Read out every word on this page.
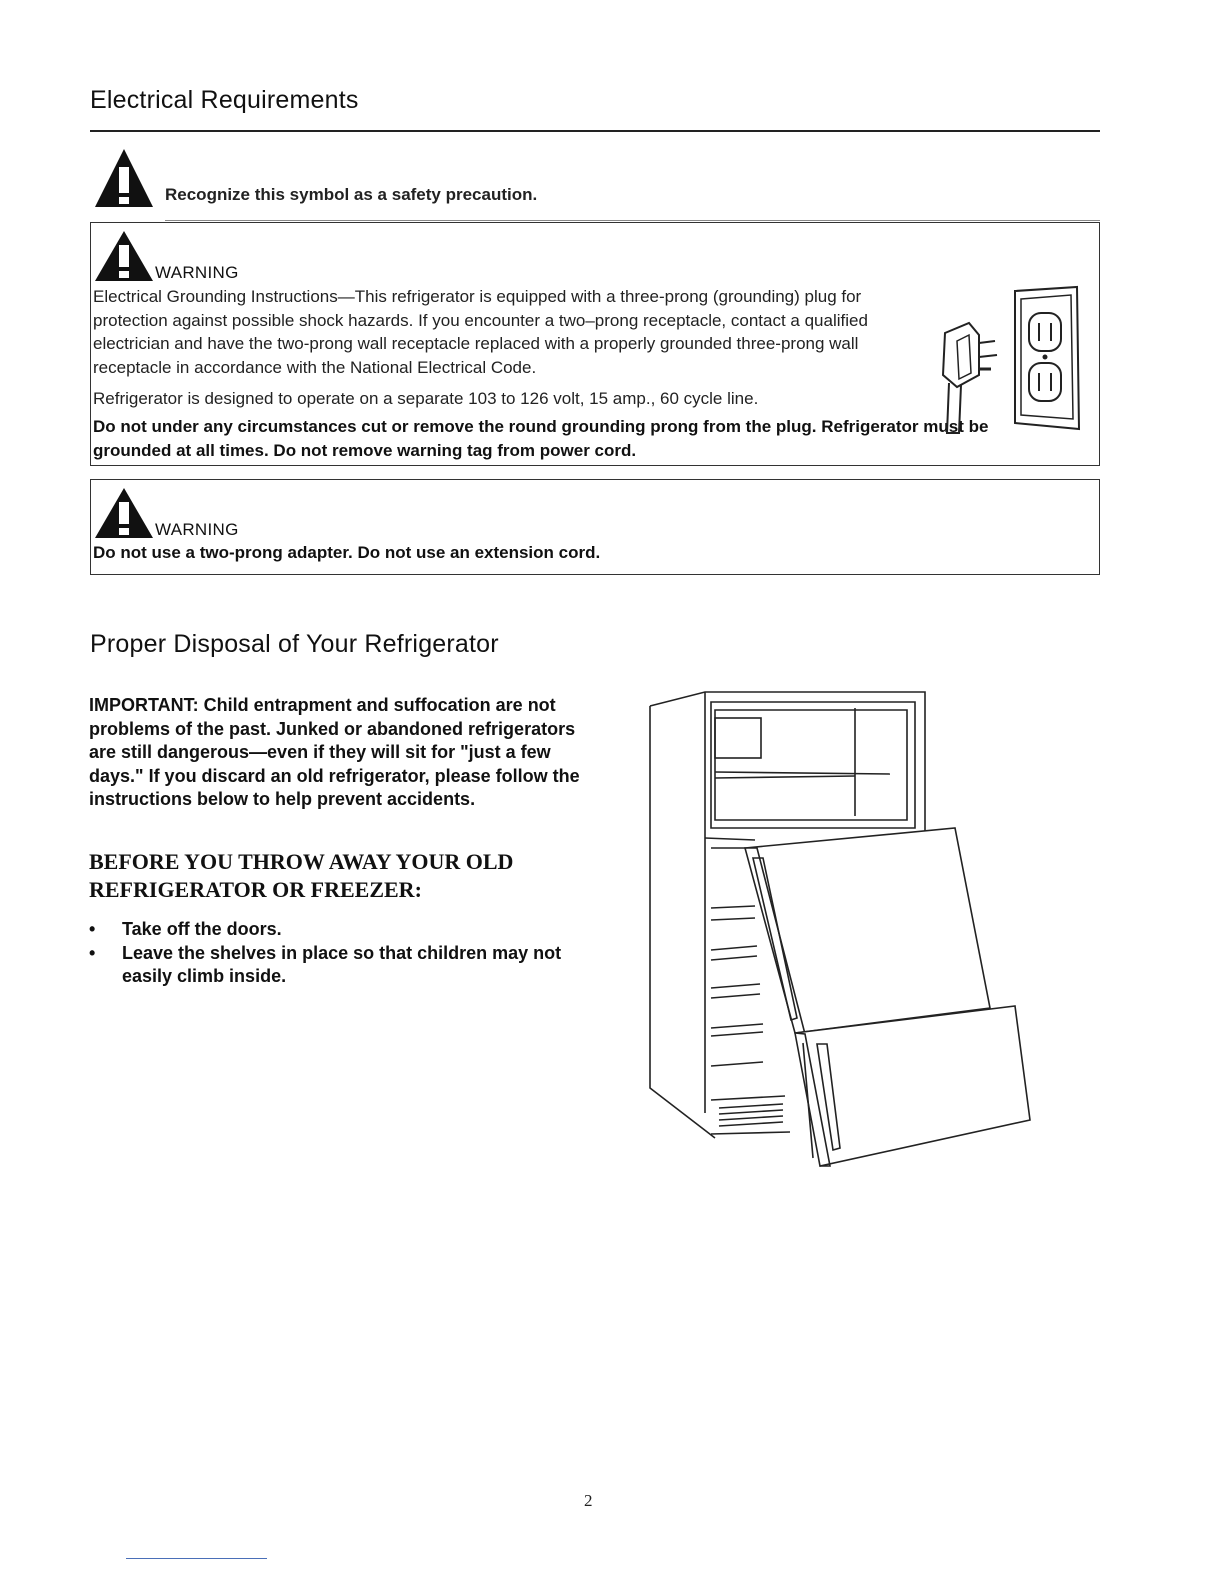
Electrical Requirements
Recognize this symbol as a safety precaution.
WARNING

Electrical Grounding Instructions—This refrigerator is equipped with a three-prong (grounding) plug for protection against possible shock hazards. If you encounter a two–prong receptacle, contact a qualified electrician and have the two-prong wall receptacle replaced with a properly grounded three-prong wall receptacle in accordance with the National Electrical Code.

Refrigerator is designed to operate on a separate 103 to 126 volt, 15 amp., 60 cycle line.

Do not under any circumstances cut or remove the round grounding prong from the plug. Refrigerator must be grounded at all times. Do not remove warning tag from power cord.

WARNING

Do not use a two-prong adapter. Do not use an extension cord.

Proper Disposal of Your Refrigerator

IMPORTANT: Child entrapment and suffocation are not problems of the past. Junked or abandoned refrigerators are still dangerous—even if they will sit for "just a few days." If you discard an old refrigerator, please follow the instructions below to help prevent accidents.

BEFORE YOU THROW AWAY YOUR OLD REFRIGERATOR OR FREEZER:
•	Take off the doors.
•	Leave the shelves in place so that children may not easily climb inside.
2
